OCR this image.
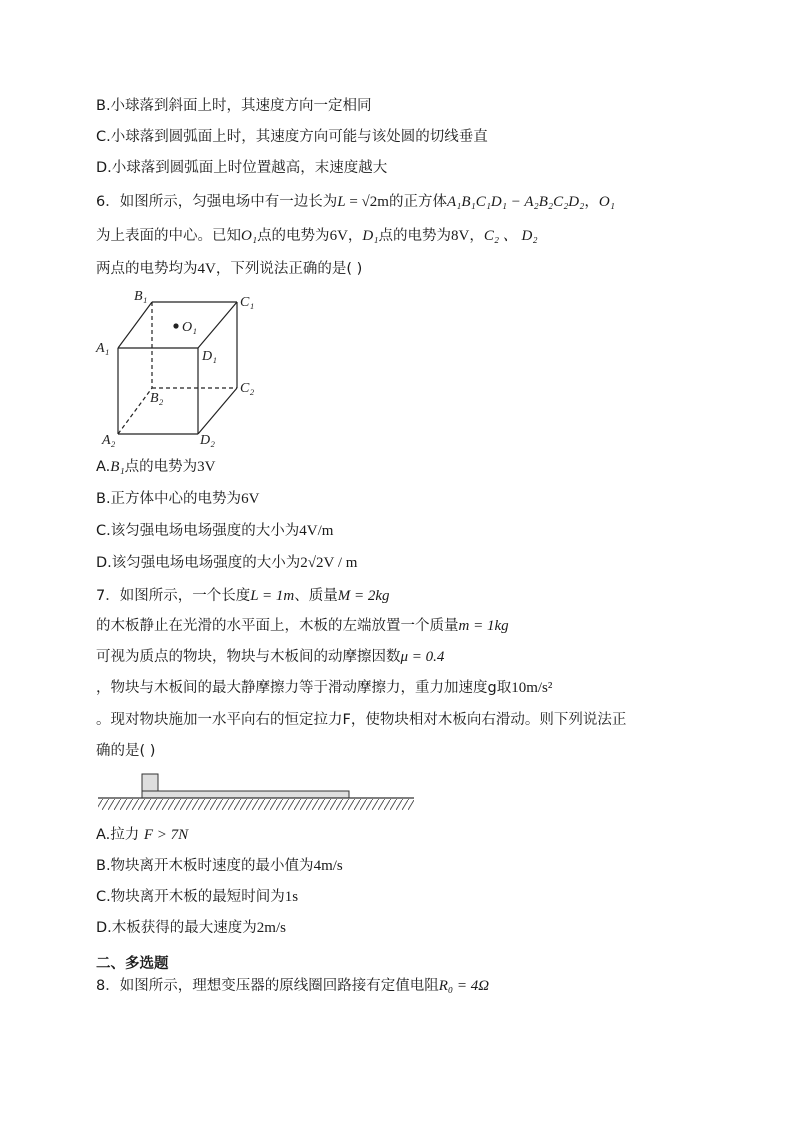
B.小球落到斜面上时，其速度方向一定相同
C.小球落到圆弧面上时，其速度方向可能与该处圆的切线垂直
D.小球落到圆弧面上时位置越高，末速度越大
6．如图所示，匀强电场中有一边长为L = √2m的正方体A₁B₁C₁D₁ − A₂B₂C₂D₂，O₁
为上表面的中心。已知O₁点的电势为6V，D₁点的电势为8V，C₂ 、 D₂
两点的电势均为4V，下列说法正确的是( )
B₁	C₁
O₁
A₁
D₁
C₂
B₂
A₂	D₂
A.B₁点的电势为3V
B.正方体中心的电势为6V
C.该匀强电场电场强度的大小为4V/m
D.该匀强电场电场强度的大小为2√2V / m
7．如图所示，一个长度L = 1m、质量M = 2kg
的木板静止在光滑的水平面上，木板的左端放置一个质量m = 1kg
可视为质点的物块，物块与木板间的动摩擦因数μ = 0.4
，物块与木板间的最大静摩擦力等于滑动摩擦力，重力加速度g取10m/s²
。现对物块施加一水平向右的恒定拉力F，使物块相对木板向右滑动。则下列说法正
确的是( )
A.拉力 F > 7N
B.物块离开木板时速度的最小值为4m/s
C.物块离开木板的最短时间为1s
D.木板获得的最大速度为2m/s
二、多选题
8．如图所示，理想变压器的原线圈回路接有定值电阻R₀ = 4Ω
